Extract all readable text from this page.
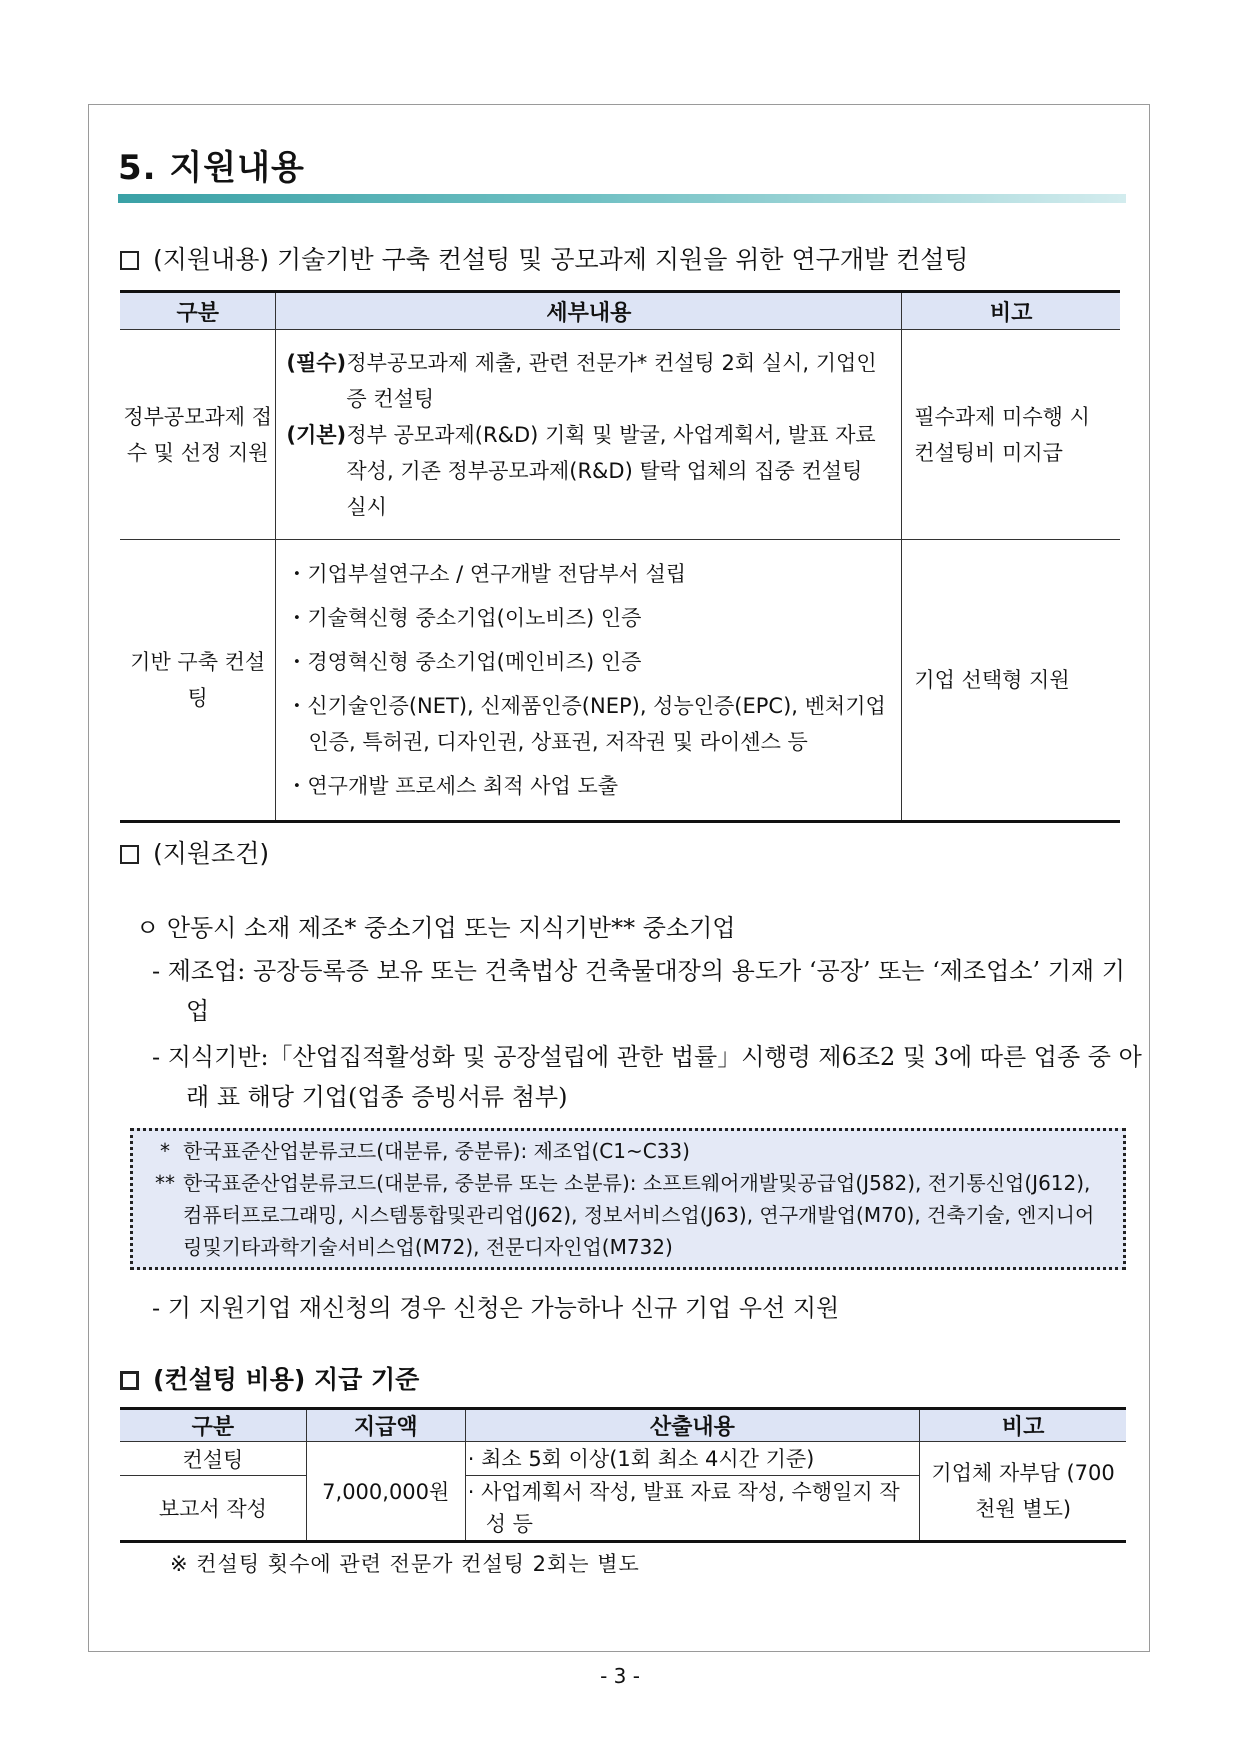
5. 지원내용
(지원내용) 기술기반 구축 컨설팅 및 공모과제 지원을 위한 연구개발 컨설팅
구분	세부내용	비고
정부공모과제 접수 및 선정 지원	(필수) 정부공모과제 제출, 관련 전문가* 컨설팅 2회 실시, 기업인증 컨설팅
(기본) 정부 공모과제(R&D) 기획 및 발굴, 사업계획서, 발표 자료 작성, 기존 정부공모과제(R&D) 탈락 업체의 집중 컨설팅 실시	필수과제 미수행 시 컨설팅비 미지급
기반 구축 컨설팅	・기업부설연구소 / 연구개발 전담부서 설립
・기술혁신형 중소기업(이노비즈) 인증
・경영혁신형 중소기업(메인비즈) 인증
・신기술인증(NET), 신제품인증(NEP), 성능인증(EPC), 벤처기업인증, 특허권, 디자인권, 상표권, 저작권 및 라이센스 등
・연구개발 프로세스 최적 사업 도출	기업 선택형 지원
(지원조건)

ㅇ 안동시 소재 제조* 중소기업 또는 지식기반** 중소기업

- 제조업: 공장등록증 보유 또는 건축법상 건축물대장의 용도가 ‘공장’ 또는 ‘제조업소’ 기재 기업

- 지식기반:「산업집적활성화 및 공장설립에 관한 법률」시행령 제6조2 및 3에 따른 업종 중 아래 표 해당 기업(업종 증빙서류 첨부)

* 한국표준산업분류코드(대분류, 중분류): 제조업(C1~C33)
** 한국표준산업분류코드(대분류, 중분류 또는 소분류): 소프트웨어개발및공급업(J582), 전기통신업(J612), 컴퓨터프로그래밍, 시스템통합및관리업(J62), 정보서비스업(J63), 연구개발업(M70), 건축기술, 엔지니어링및기타과학기술서비스업(M72), 전문디자인업(M732)

- 기 지원기업 재신청의 경우 신청은 가능하나 신규 기업 우선 지원

(컨설팅 비용) 지급 기준
구분	지급액	산출내용	비고
컨설팅	7,000,000원	· 최소 5회 이상(1회 최소 4시간 기준)	기업체 자부담 (700천원 별도)
보고서 작성		· 사업계획서 작성, 발표 자료 작성, 수행일지 작성 등	

※ 컨설팅 횟수에 관련 전문가 컨설팅 2회는 별도

- 3 -
